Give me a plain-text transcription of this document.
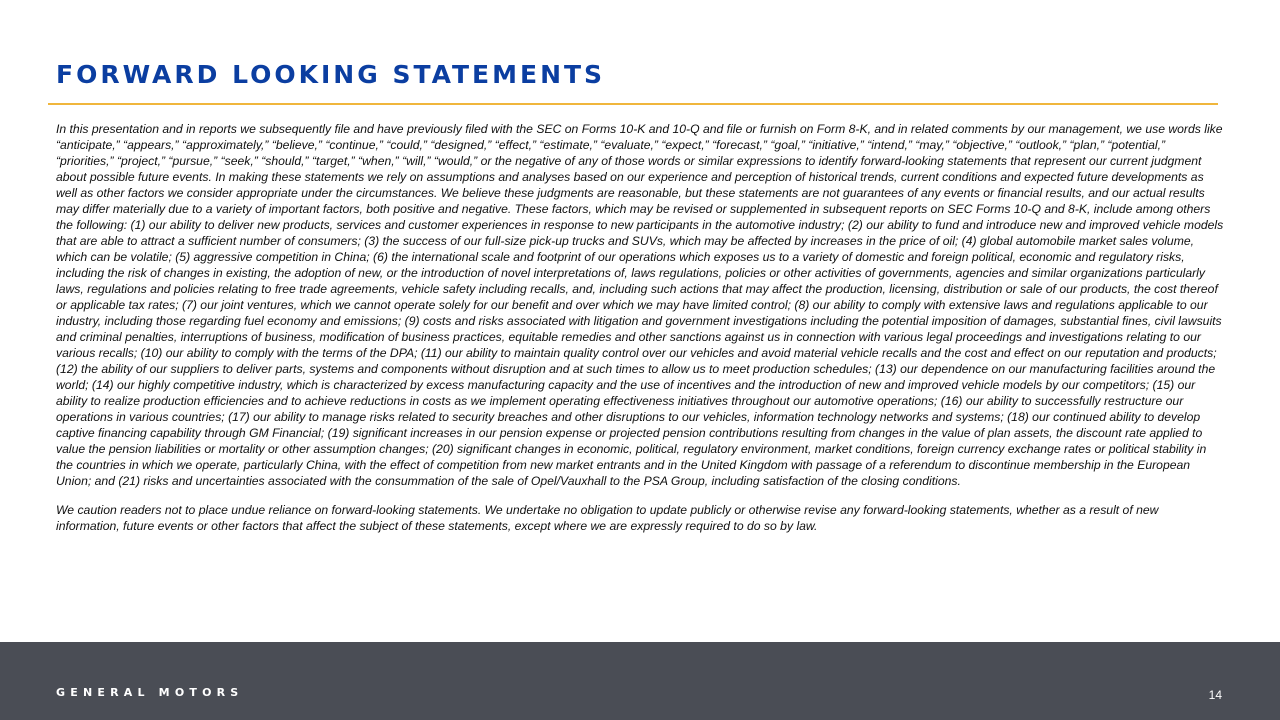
FORWARD LOOKING STATEMENTS

In this presentation and in reports we subsequently file and have previously filed with the SEC on Forms 10-K and 10-Q and file or furnish on Form 8-K, and in related comments by our management, we use words like “anticipate,” “appears,” “approximately,” “believe,” “continue,” “could,” “designed,” “effect,” “estimate,” “evaluate,” “expect,” “forecast,” “goal,” “initiative,” “intend,” “may,” “objective,” “outlook,” “plan,” “potential,” “priorities,” “project,” “pursue,” “seek,” “should,” “target,” “when,” “will,” “would,” or the negative of any of those words or similar expressions to identify forward-looking statements that represent our current judgment about possible future events. In making these statements we rely on assumptions and analyses based on our experience and perception of historical trends, current conditions and expected future developments as well as other factors we consider appropriate under the circumstances. We believe these judgments are reasonable, but these statements are not guarantees of any events or financial results, and our actual results may differ materially due to a variety of important factors, both positive and negative. These factors, which may be revised or supplemented in subsequent reports on SEC Forms 10-Q and 8-K, include among others the following: (1) our ability to deliver new products, services and customer experiences in response to new participants in the automotive industry; (2) our ability to fund and introduce new and improved vehicle models that are able to attract a sufficient number of consumers; (3) the success of our full-size pick-up trucks and SUVs, which may be affected by increases in the price of oil; (4) global automobile market sales volume, which can be volatile; (5) aggressive competition in China; (6) the international scale and footprint of our operations which exposes us to a variety of domestic and foreign political, economic and regulatory risks, including the risk of changes in existing, the adoption of new, or the introduction of novel interpretations of, laws regulations, policies or other activities of governments, agencies and similar organizations particularly laws, regulations and policies relating to free trade agreements, vehicle safety including recalls, and, including such actions that may affect the production, licensing, distribution or sale of our products, the cost thereof or applicable tax rates; (7) our joint ventures, which we cannot operate solely for our benefit and over which we may have limited control; (8) our ability to comply with extensive laws and regulations applicable to our industry, including those regarding fuel economy and emissions; (9) costs and risks associated with litigation and government investigations including the potential imposition of damages, substantial fines, civil lawsuits and criminal penalties, interruptions of business, modification of business practices, equitable remedies and other sanctions against us in connection with various legal proceedings and investigations relating to our various recalls; (10) our ability to comply with the terms of the DPA; (11) our ability to maintain quality control over our vehicles and avoid material vehicle recalls and the cost and effect on our reputation and products; (12) the ability of our suppliers to deliver parts, systems and components without disruption and at such times to allow us to meet production schedules; (13) our dependence on our manufacturing facilities around the world; (14) our highly competitive industry, which is characterized by excess manufacturing capacity and the use of incentives and the introduction of new and improved vehicle models by our competitors; (15) our ability to realize production efficiencies and to achieve reductions in costs as we implement operating effectiveness initiatives throughout our automotive operations; (16) our ability to successfully restructure our operations in various countries; (17) our ability to manage risks related to security breaches and other disruptions to our vehicles, information technology networks and systems; (18) our continued ability to develop captive financing capability through GM Financial; (19) significant increases in our pension expense or projected pension contributions resulting from changes in the value of plan assets, the discount rate applied to value the pension liabilities or mortality or other assumption changes; (20) significant changes in economic, political, regulatory environment, market conditions, foreign currency exchange rates or political stability in the countries in which we operate, particularly China, with the effect of competition from new market entrants and in the United Kingdom with passage of a referendum to discontinue membership in the European Union; and (21) risks and uncertainties associated with the consummation of the sale of Opel/Vauxhall to the PSA Group, including satisfaction of the closing conditions.

We caution readers not to place undue reliance on forward-looking statements. We undertake no obligation to update publicly or otherwise revise any forward-looking statements, whether as a result of new information, future events or other factors that affect the subject of these statements, except where we are expressly required to do so by law.

GENERAL MOTORS	14
